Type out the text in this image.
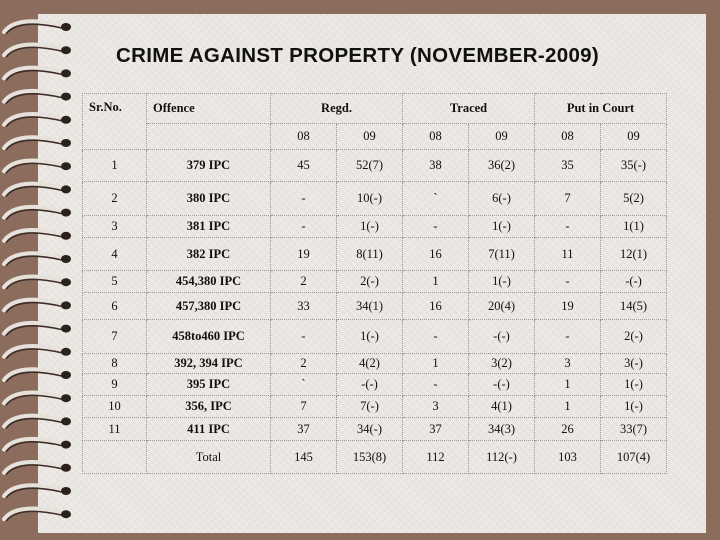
CRIME AGAINST PROPERTY (NOVEMBER-2009)
Sr.No.	Offence	Regd.		Traced		Put in Court	
		08	09	08	09	08	09
1	379 IPC	45	52(7)	38	36(2)	35	35(-)
2	380 IPC	-	10(-)	`	6(-)	7	5(2)
3	381 IPC	-	1(-)	-	1(-)	-	1(1)
4	382 IPC	19	8(11)	16	7(11)	11	12(1)
5	454,380 IPC	2	2(-)	1	1(-)	-	-(-)
6	457,380 IPC	33	34(1)	16	20(4)	19	14(5)
7	458to460 IPC	-	1(-)	-	-(-)	-	2(-)
8	392, 394 IPC	2	4(2)	1	3(2)	3	3(-)
9	395 IPC	`	-(-)	-	-(-)	1	1(-)
10	356, IPC	7	7(-)	3	4(1)	1	1(-)
11	411 IPC	37	34(-)	37	34(3)	26	33(7)
	Total	145	153(8)	112	112(-)	103	107(4)
